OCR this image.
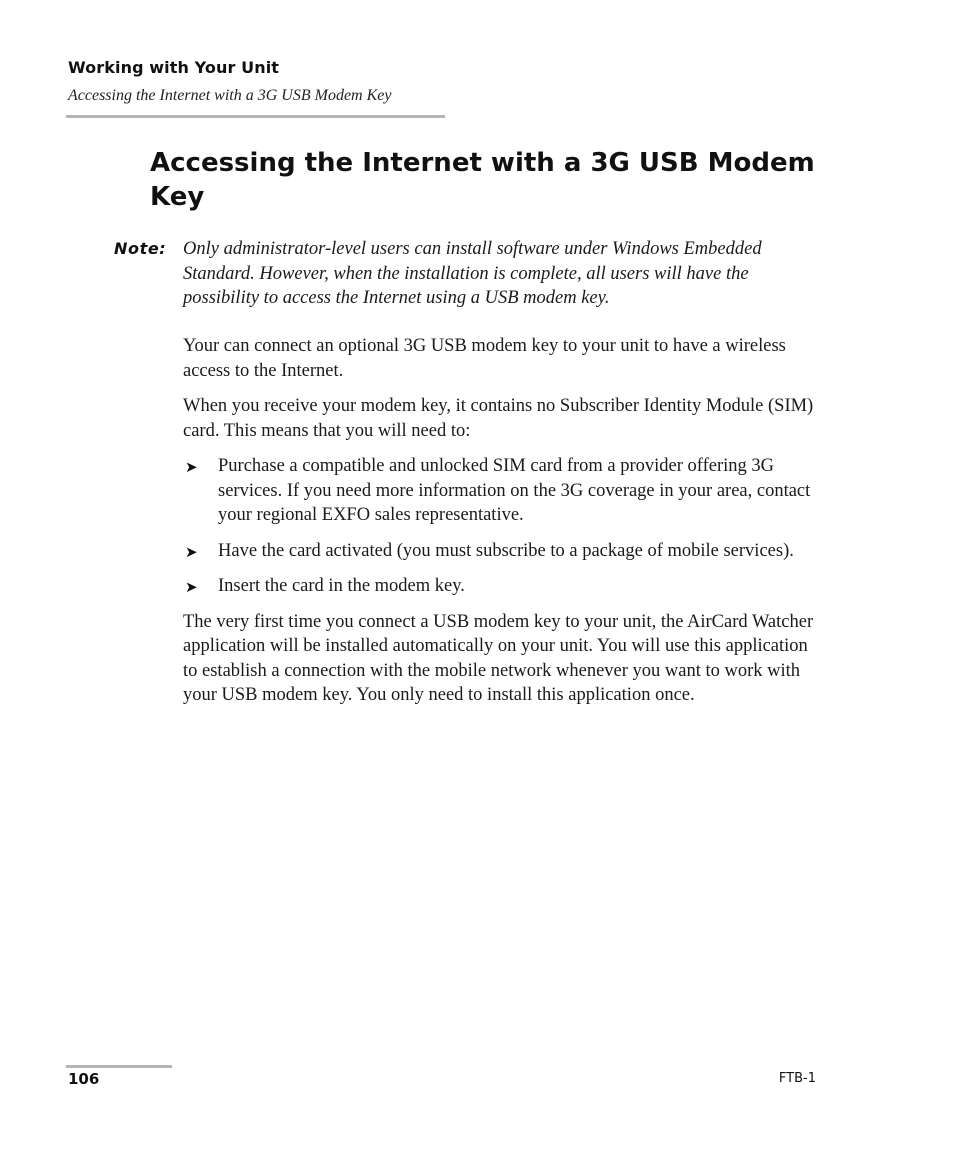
Working with Your Unit
Accessing the Internet with a 3G USB Modem Key
Accessing the Internet with a 3G USB Modem Key
Note: Only administrator-level users can install software under Windows Embedded Standard. However, when the installation is complete, all users will have the possibility to access the Internet using a USB modem key.

Your can connect an optional 3G USB modem key to your unit to have a wireless access to the Internet.

When you receive your modem key, it contains no Subscriber Identity Module (SIM) card. This means that you will need to:

➤ Purchase a compatible and unlocked SIM card from a provider offering 3G services. If you need more information on the 3G coverage in your area, contact your regional EXFO sales representative.
➤ Have the card activated (you must subscribe to a package of mobile services).
➤ Insert the card in the modem key.

The very first time you connect a USB modem key to your unit, the AirCard Watcher application will be installed automatically on your unit. You will use this application to establish a connection with the mobile network whenever you want to work with your USB modem key. You only need to install this application once.

106	FTB-1
